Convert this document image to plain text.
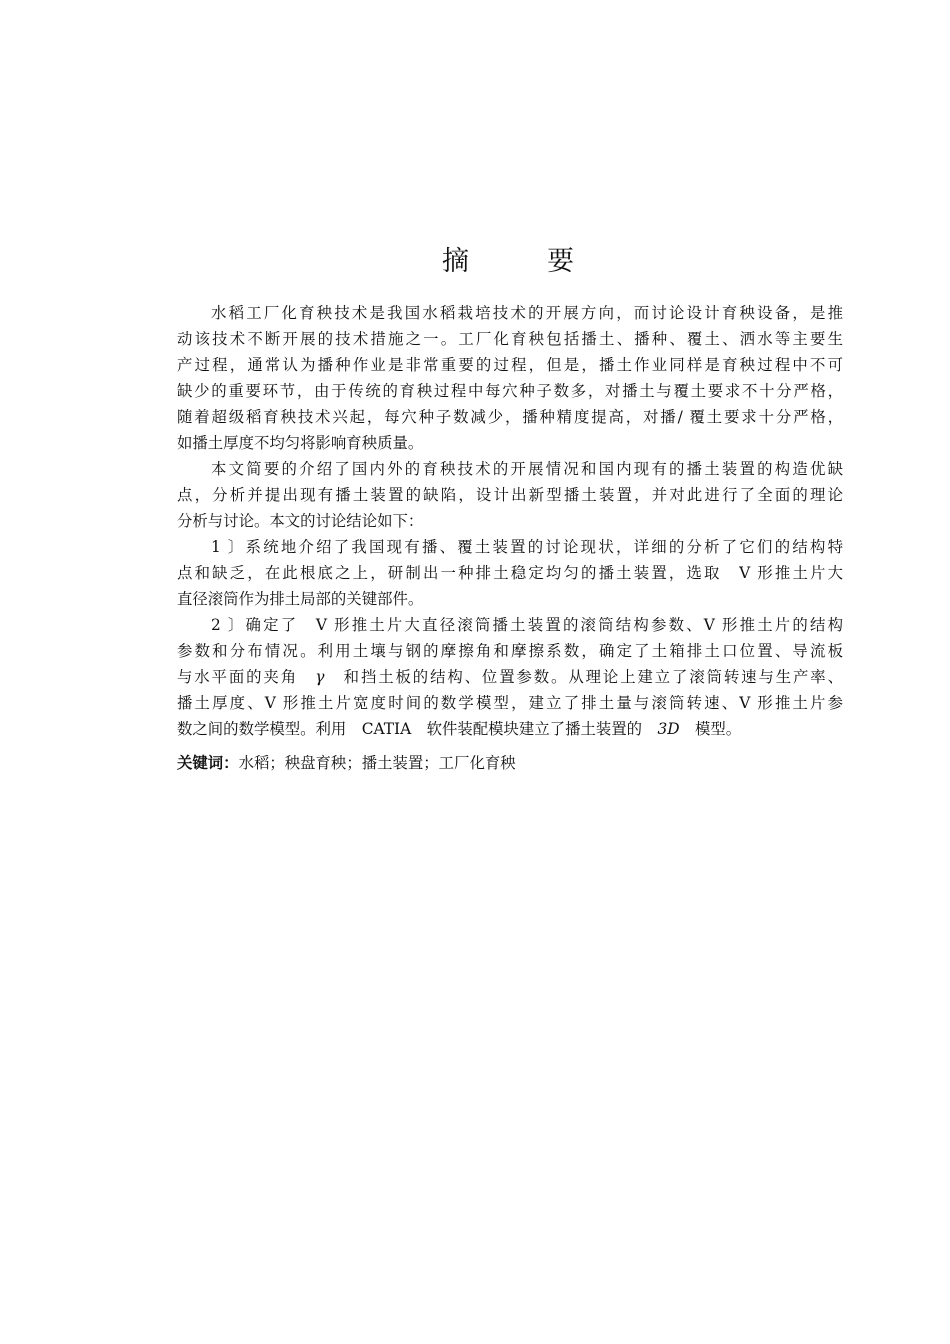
摘	要
水稻工厂化育秧技术是我国水稻栽培技术的开展方向，而讨论设计育秧设备，是推
动该技术不断开展的技术措施之一。工厂化育秧包括播土、播种、覆土、洒水等主要生
产过程，通常认为播种作业是非常重要的过程，但是，播土作业同样是育秧过程中不可
缺少的重要环节，由于传统的育秧过程中每穴种子数多，对播土与覆土要求不十分严格，
随着超级稻育秧技术兴起，每穴种子数减少，播种精度提高，对播/ 覆土要求十分严格，
如播土厚度不均匀将影响育秧质量。
本文简要的介绍了国内外的育秧技术的开展情况和国内现有的播土装置的构造优缺
点，分析并提出现有播土装置的缺陷，设计出新型播土装置，并对此进行了全面的理论
分析与讨论。本文的讨论结论如下：
1 〕系统地介绍了我国现有播、覆土装置的讨论现状，详细的分析了它们的结构特
点和缺乏，在此根底之上，研制出一种排土稳定均匀的播土装置，选取　V 形推土片大
直径滚筒作为排土局部的关键部件。
2 〕确定了　V 形推土片大直径滚筒播土装置的滚筒结构参数、V 形推土片的结构
参数和分布情况。利用土壤与钢的摩擦角和摩擦系数，确定了土箱排土口位置、导流板
与水平面的夹角　γ　和挡土板的结构、位置参数。从理论上建立了滚筒转速与生产率、
播土厚度、V 形推土片宽度时间的数学模型，建立了排土量与滚筒转速、V 形推土片参
数之间的数学模型。利用　CATIA　软件装配模块建立了播土装置的　3D　模型。
关键词：水稻；秧盘育秧；播土装置；工厂化育秧
